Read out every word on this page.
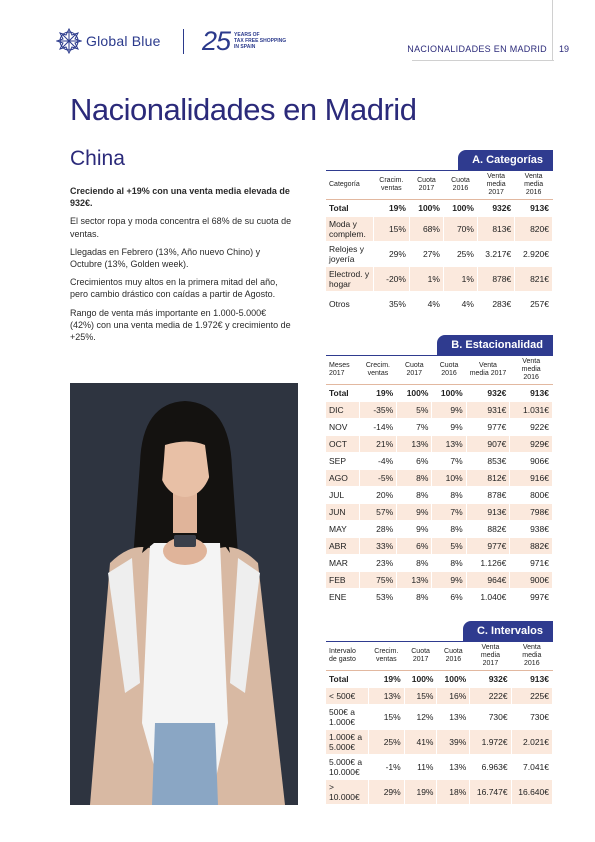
Global Blue 25 YEARS OF
TAX FREE SHOPPING
IN SPAIN	NACIONALIDADES EN MADRID 19
Nacionalidades en Madrid
China

Creciendo al +19% con una venta media elevada de 932€.

El sector ropa y moda concentra el 68% de su cuota de ventas.

Llegadas en Febrero (13%, Año nuevo Chino) y Octubre (13%, Golden week).

Crecimientos muy altos en la primera mitad del año, pero cambio drástico con caídas a partir de Agosto.

Rango de venta más importante en 1.000-5.000€ (42%) con una venta media de 1.972€ y crecimiento de +25%.

A. Categorías
Categoría	Cracim. ventas	Cuota 2017	Cuota 2016	Venta media 2017	Venta media 2016
Total	19%	100%	100%	932€	913€
Moda y complem.	15%	68%	70%	813€	820€
Relojes y joyería	29%	27%	25%	3.217€	2.920€
Electrod. y hogar	-20%	1%	1%	878€	821€
Otros	35%	4%	4%	283€	257€
B. Estacionalidad
Meses 2017	Crecim. ventas	Cuota 2017	Cuota 2016	Venta media 2017	Venta media 2016
Total	19%	100%	100%	932€	913€
DIC	-35%	5%	9%	931€	1.031€
NOV	-14%	7%	9%	977€	922€
OCT	21%	13%	13%	907€	929€
SEP	-4%	6%	7%	853€	906€
AGO	-5%	8%	10%	812€	916€
JUL	20%	8%	8%	878€	800€
JUN	57%	9%	7%	913€	798€
MAY	28%	9%	8%	882€	938€
ABR	33%	6%	5%	977€	882€
MAR	23%	8%	8%	1.126€	971€
FEB	75%	13%	9%	964€	900€
ENE	53%	8%	6%	1.040€	997€
C. Intervalos
Intervalo de gasto	Crecim. ventas	Cuota 2017	Cuota 2016	Venta media 2017	Venta media 2016
Total	19%	100%	100%	932€	913€
< 500€	13%	15%	16%	222€	225€
500€ a 1.000€	15%	12%	13%	730€	730€
1.000€ a 5.000€	25%	41%	39%	1.972€	2.021€
5.000€ a 10.000€	-1%	11%	13%	6.963€	7.041€
> 10.000€	29%	19%	18%	16.747€	16.640€
